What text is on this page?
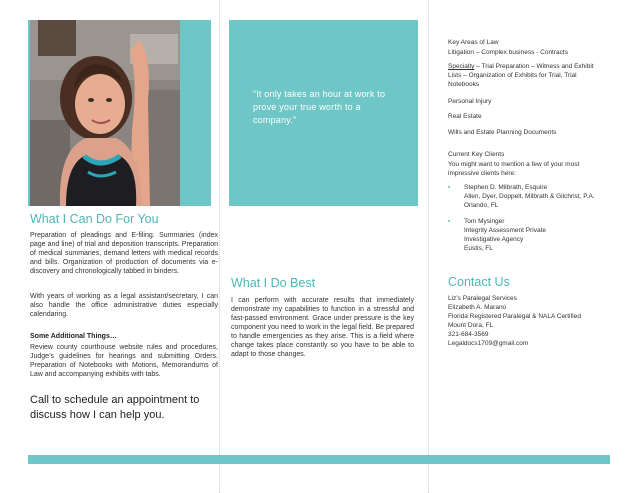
“It only takes an hour at work to prove your true worth to a company.”
What I Can Do For You
Preparation of pleadings and E-filing. Summaries (index page and line) of trial and deposition transcripts. Preparation of medical summaries, demand letters with medical records and bills. Organization of production of documents via e-discovery and chronologically tabbed in binders.
With years of working as a legal assistant/secretary, I can also handle the office administrative duties especially calendaring.
Some Additional Things…
Review county courthouse website rules and procedures, Judge’s guidelines for hearings and submitting Orders. Preparation of Notebooks with Motions, Memorandums of Law and accompanying exhibits with tabs.
Call to schedule an appointment to discuss how I can help you.
What I Do Best
I can perform with accurate results that immediately demonstrate my capabilities to function in a stressful and fast-passed environment. Grace under pressure is the key component you need to work in the legal field. Be prepared to handle emergencies as they arise. This is a field where change takes place constantly so you have to be able to adapt to those changes.
Key Areas of Law
Litigation – Complex business - Contracts
Specialty – Trial Preparation – Witness and Exhibit Lists – Organization of Exhibits for Trial, Trial Notebooks
Personal Injury
Real Estate
Wills and Estate Planning Documents
Current Key Clients
You might want to mention a few of your most impressive clients here:
▪	Stephen D. Milbrath, Esquire
Allen, Dyer, Doppelt, Milbrath & Gilchrist, P.A.
Orlando, FL
▪	Tom Mysinger
Integrity Assessment Private
Investigative Agency
Eustis, FL
Contact Us
Liz’s Paralegal Services
Elizabeth A. Marano
Florida Registered Paralegal & NALA Certified
Mount Dora, FL
321-684-3569
Legaldocs1709@gmail.com
